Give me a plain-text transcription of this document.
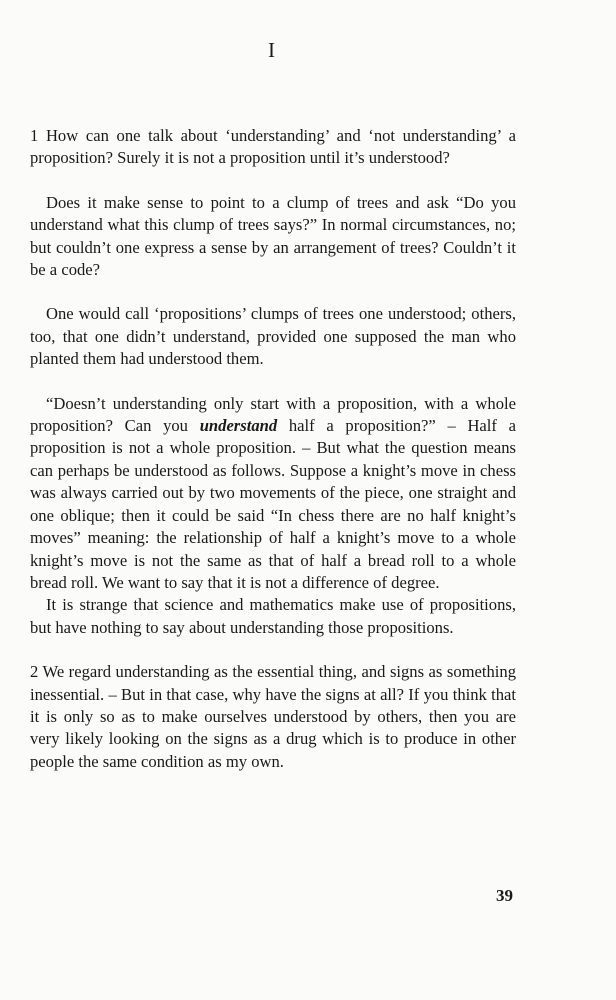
I

1 How can one talk about ‘understanding’ and ‘not understanding’ a proposition? Surely it is not a proposition until it’s understood?

Does it make sense to point to a clump of trees and ask “Do you understand what this clump of trees says?” In normal circumstances, no; but couldn’t one express a sense by an arrangement of trees? Couldn’t it be a code?

One would call ‘propositions’ clumps of trees one understood; others, too, that one didn’t understand, provided one supposed the man who planted them had understood them.

“Doesn’t understanding only start with a proposition, with a whole proposition? Can you understand half a proposition?” – Half a proposition is not a whole proposition. – But what the question means can perhaps be understood as follows. Suppose a knight’s move in chess was always carried out by two movements of the piece, one straight and one oblique; then it could be said “In chess there are no half knight’s moves” meaning: the relationship of half a knight’s move to a whole knight’s move is not the same as that of half a bread roll to a whole bread roll. We want to say that it is not a difference of degree.

It is strange that science and mathematics make use of propositions, but have nothing to say about understanding those propositions.

2 We regard understanding as the essential thing, and signs as something inessential. – But in that case, why have the signs at all? If you think that it is only so as to make ourselves understood by others, then you are very likely looking on the signs as a drug which is to produce in other people the same condition as my own.

39
